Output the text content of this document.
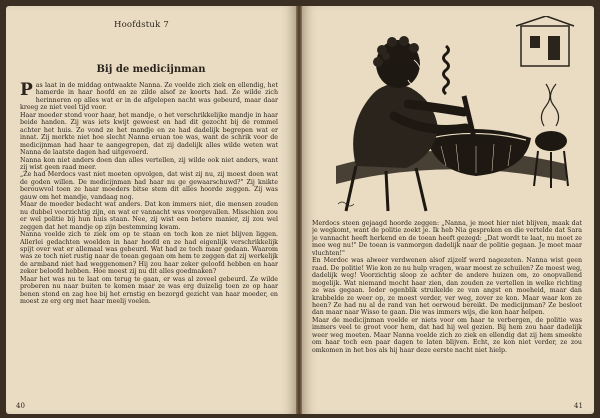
Hoofdstuk 7
Bij de medicijnman

Pas laat in de middag ontwaakte Nanna. Ze voelde zich ziek en ellendig, het hamerde in haar hoofd en ze zilde alsof ze koorts had. Ze wilde zich herinneren op alles wat er in de afgelopen nacht was gebeurd, maar daar kreeg ze niet veel tijd voor.

Haar moeder stond voor haar, het mandje, o het verschrikkelijke mandje in haar beide handen. Zij was iets kwijt geweest en had dit gezocht bij de rommel achter het huis. Zo vond ze het mandje en ze had dadelijk begrepen wat er innat. Zij merkte niet hoe slecht Nanna eruan toe was, want de schrik voor de medicijnman had haar te aangegrepen, dat zij dadelijk alles wilde weten wat Nanna de laatste dagen had uitgevoerd.

Nanna kon niet anders doen dan alles vertellen, zij wilde ook niet anders, want zij wist geen raad meer.

„Ze had Merdocs vast niet moeten opvolgen, dat wist zij nu, zij moest doen wat de goden willen. De medicijnman had haar nu ge gewaarschuwd?" Zij knikte berouwvol toen ze haar moeders bitse stem dit alles hoorde zeggen. Zij was gauw om het mandje, vandaag nog.

Maar de moeder bedacht wat anders. Dat kon immers niet, die mensen zouden nu dubbel voorzichtig zijn, en wat er vannacht was voorgevallen. Misschien zou er wel politie bij hun huis staan. Nee, zij wist een betere manier, zij zou wel zeggen dat het mandje op zijn bestemming kwam.

Nanna voelde zich te ziek om op te staan en toch kon ze niet blijven liggen. Allerlei gedachten woelden in haar hoofd en ze had eigenlijk verschrikkelijk spijt over wat er allemaal was gebeurd. Wat had ze toch maar gedaan. Waarom was ze toch niet rustig naar de toean gegaan om hem te zeggen dat zij werkelijk de armband niet had weggenomen? Hij zou haar zeker geloofd hebben en haar zeker beloofd hebben. Hoe moest zij nu dit alles goedmaken?

Maar het was nu te laat om terug te gaan, er was al zoveel gebeurd. Ze wilde proberen nu naar buiten te komen maar ze was erg duizelig toen ze op haar benen stond en zag hoe bij het ernstig en bezorgd gezicht van haar moeder, en moest ze erg erg met haar meelij voelen.

40

Merdocs steen gejaagd hoorde zeggen: „Nanna, je moet hier niet blijven, maak dat je wegkomt, want de politie zoekt je. Ik heb Nia gesproken en die vertelde dat Sara je vannacht heeft herkend en de toean heeft gezegd: „Dat wordt te laat, nu moet ze mee weg nu!" De toean is vanmorgen dadelijk naar de politie gegaan. Je moet maar vluchten!"

En Merdoc was alweer verdwenen alsof zijzelf werd nagezeten. Nanna wist geen raad. De politie! Wie kon ze nu hulp vragen, waar moest ze schuilen? Ze moest weg, dadelijk weg! Voorzichtig sloop ze achter de andere huizen om, zo onopvallend mogelijk. Wat niemand mocht haar zien, dan zouden ze vertellen in welke richting ze was gegaan. Ieder ogenblik struikelde ze van angst en moeheid, maar dan krabbelde ze weer op, ze moest verder, ver weg, zover ze kon. Maar waar kon ze heen? Ze had nu al de rand van het oerwoud bereikt. De medicijnman? Ze besloot dan maar naar Wisso te gaan. Die was immers wijs, die kon haar helpen.

Maar de medicijnman voelde er niets voor om haar te verbergen, de politie was immers veel te groot voor hem, dat had hij wel gezien. Bij hem zou haar dadelijk weer weg moeten. Maar Nanna voelde zich zo ziek en ellendig dat zij hem smeekte om haar toch een paar dagen te laten blijven. Echt, ze kon niet verder, ze zou omkomen in het bos als hij haar deze eerste nacht niet hielp.

41
